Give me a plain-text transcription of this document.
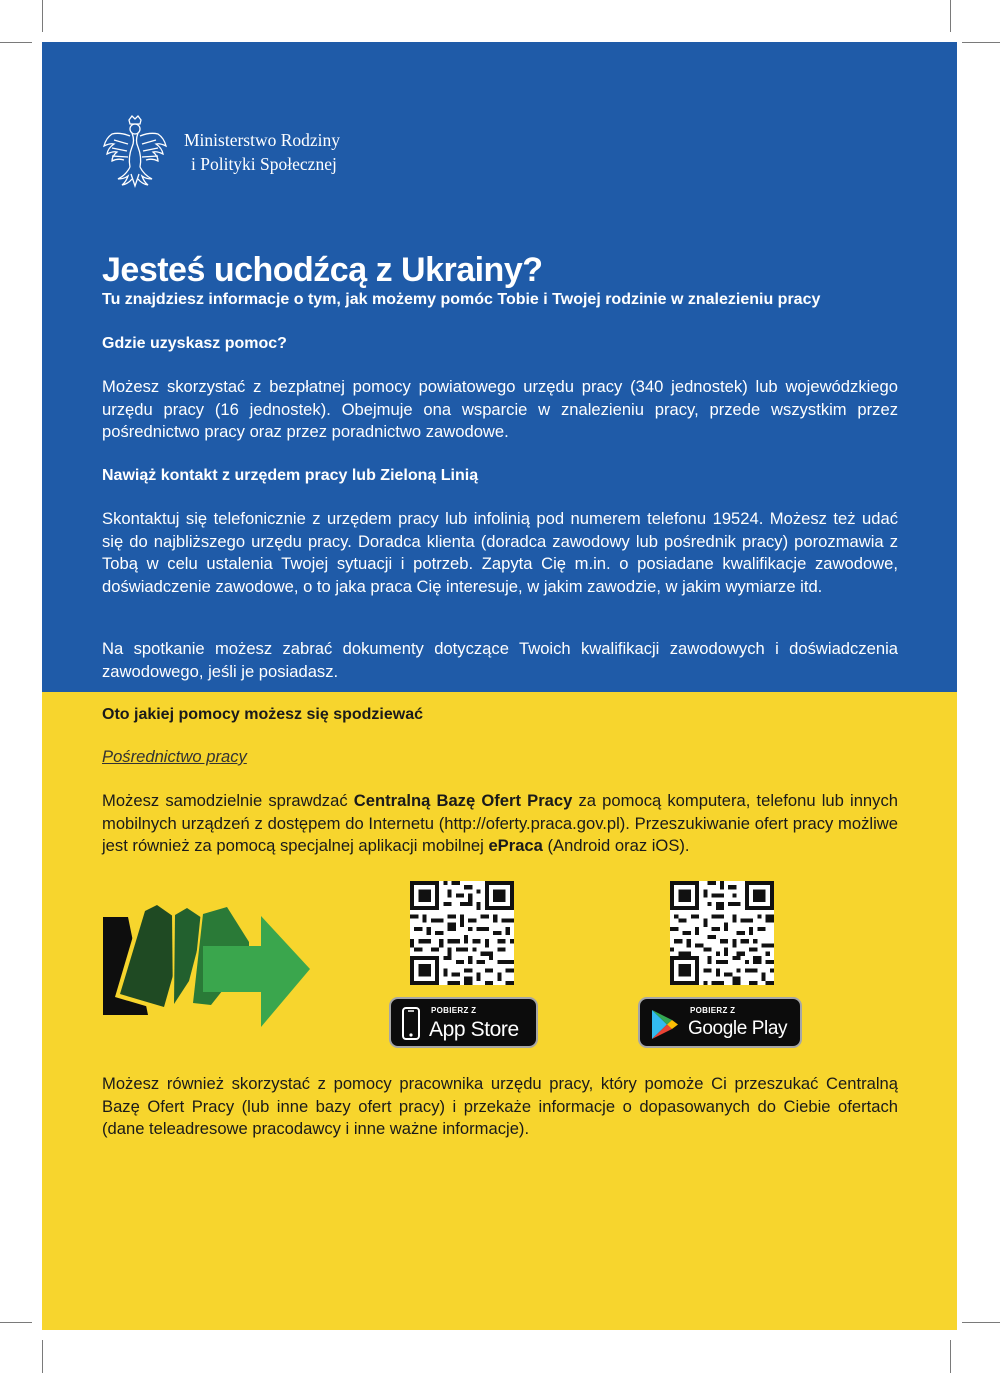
Ministerstwo Rodziny
i Polityki Społecznej
Jesteś uchodźcą z Ukrainy?

Tu znajdziesz informacje o tym, jak możemy pomóc Tobie i Twojej rodzinie w znalezieniu pracy

Gdzie uzyskasz pomoc?

Możesz skorzystać z bezpłatnej pomocy powiatowego urzędu pracy (340 jednostek) lub wojewódzkiego urzędu pracy (16 jednostek). Obejmuje ona wsparcie w znalezieniu pracy, przede wszystkim przez pośrednictwo pracy oraz przez poradnictwo zawodowe.

Nawiąż kontakt z urzędem pracy lub Zieloną Linią

Skontaktuj się telefonicznie z urzędem pracy lub infolinią pod numerem telefonu 19524. Możesz też udać się do najbliższego urzędu pracy. Doradca klienta (doradca zawodowy lub pośrednik pracy) porozmawia z Tobą w celu ustalenia Twojej sytuacji i potrzeb. Zapyta Cię m.in. o posiadane kwalifikacje zawodowe, doświadczenie zawodowe, o to jaka praca Cię interesuje, w jakim zawodzie, w jakim wymiarze itd.

Na spotkanie możesz zabrać dokumenty dotyczące Twoich kwalifikacji zawodowych i doświadczenia zawodowego, jeśli je posiadasz.

Oto jakiej pomocy możesz się spodziewać

Pośrednictwo pracy

Możesz samodzielnie sprawdzać Centralną Bazę Ofert Pracy za pomocą komputera, telefonu lub innych mobilnych urządzeń z dostępem do Internetu (http://oferty.praca.gov.pl). Przeszukiwanie ofert pracy możliwe jest również za pomocą specjalnej aplikacji mobilnej ePraca (Android oraz iOS).

POBIERZ Z
App Store
POBIERZ Z
Google Play

Możesz również skorzystać z pomocy pracownika urzędu pracy, który pomoże Ci przeszukać Centralną Bazę Ofert Pracy (lub inne bazy ofert pracy) i przekaże informacje o dopasowanych do Ciebie ofertach (dane teleadresowe pracodawcy i inne ważne informacje).
